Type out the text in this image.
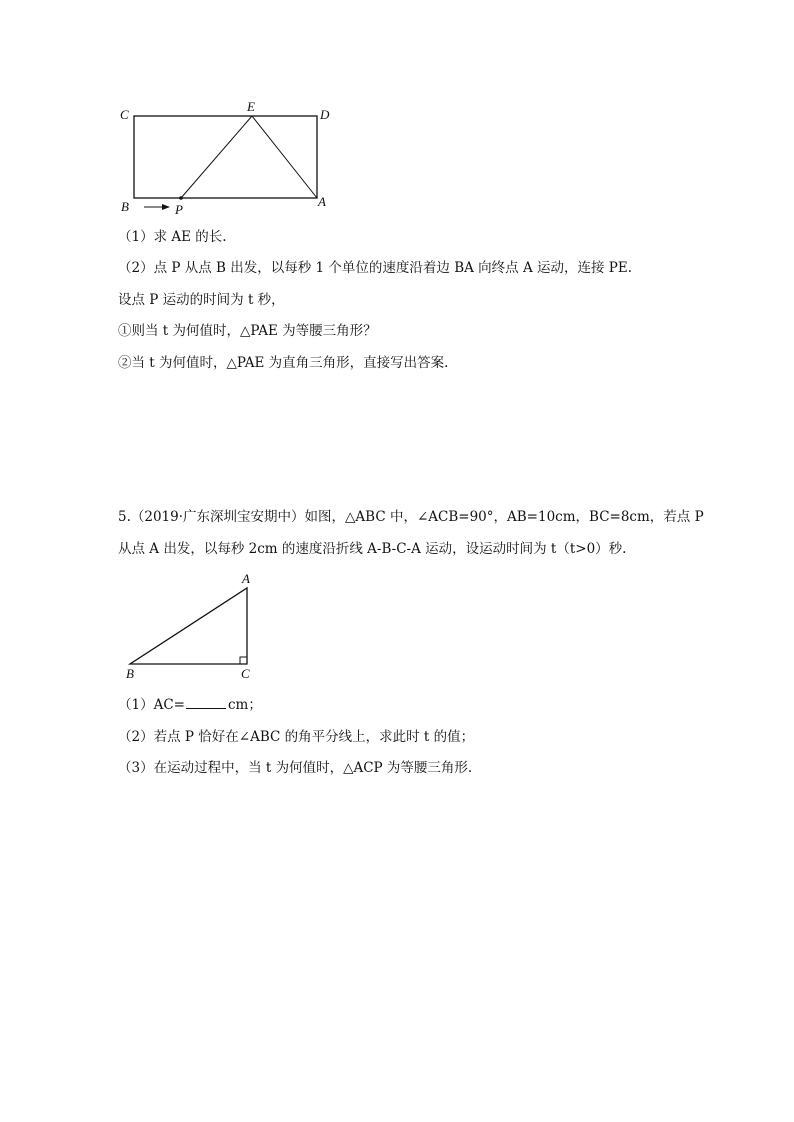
C
E
D
B	P
A
（1）求 AE 的长.
（2）点 P 从点 B 出发，以每秒 1 个单位的速度沿着边 BA 向终点 A 运动，连接 PE.
设点 P 运动的时间为 t 秒，
①则当 t 为何值时，△PAE 为等腰三角形？
②当 t 为何值时，△PAE 为直角三角形，直接写出答案.
5.（2019·广东深圳宝安期中）如图，△ABC 中，∠ACB=90°，AB=10cm，BC=8cm，若点 P
从点 A 出发，以每秒 2cm 的速度沿折线 A-B-C-A 运动，设运动时间为 t（t>0）秒.
A
B	C
（1）AC=	cm；
（2）若点 P 恰好在∠ABC 的角平分线上，求此时 t 的值；
（3）在运动过程中，当 t 为何值时，△ACP 为等腰三角形.
